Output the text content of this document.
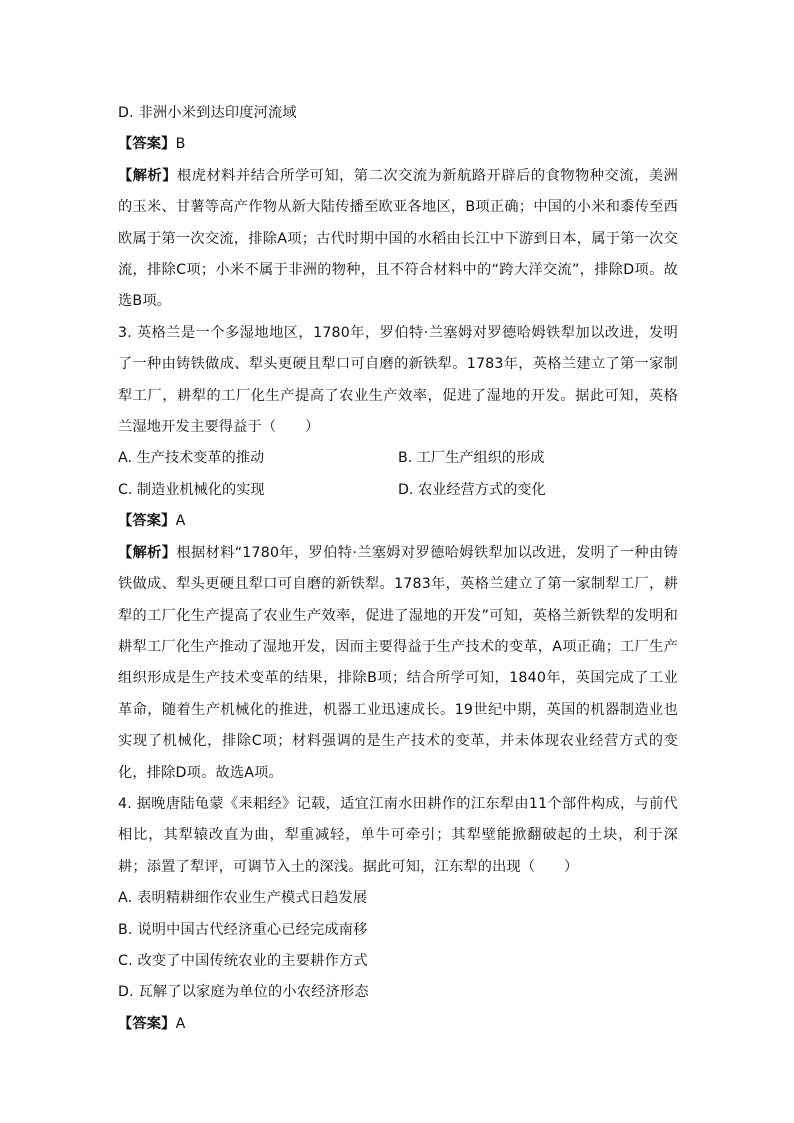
D. 非洲小米到达印度河流域
【答案】B
【解析】根虎材料并结合所学可知，第二次交流为新航路开辟后的食物物种交流，美洲的玉米、甘薯等高产作物从新大陆传播至欧亚各地区，B项正确；中国的小米和黍传至西欧属于第一次交流，排除A项；古代时期中国的水稻由长江中下游到日本，属于第一次交流，排除C项；小米不属于非洲的物种，且不符合材料中的“跨大洋交流”，排除D项。故选B项。
3. 英格兰是一个多湿地地区，1780年，罗伯特·兰塞姆对罗德哈姆铁犁加以改进，发明了一种由铸铁做成、犁头更硬且犁口可自磨的新铁犁。1783年，英格兰建立了第一家制犁工厂，耕犁的工厂化生产提高了农业生产效率，促进了湿地的开发。据此可知，英格兰湿地开发主要得益于（　　）
A. 生产技术变革的推动	B. 工厂生产组织的形成
C. 制造业机械化的实现	D. 农业经营方式的变化
【答案】A
【解析】根据材料“1780年，罗伯特·兰塞姆对罗德哈姆铁犁加以改进，发明了一种由铸铁做成、犁头更硬且犁口可自磨的新铁犁。1783年，英格兰建立了第一家制犁工厂，耕犁的工厂化生产提高了农业生产效率，促进了湿地的开发”可知，英格兰新铁犁的发明和耕犁工厂化生产推动了湿地开发，因而主要得益于生产技术的变革，A项正确；工厂生产组织形成是生产技术变革的结果，排除B项；结合所学可知，1840年，英国完成了工业革命，随着生产机械化的推进，机器工业迅速成长。19世纪中期，英国的机器制造业也实现了机械化，排除C项；材料强调的是生产技术的变革，并未体现农业经营方式的变化，排除D项。故选A项。
4. 据晚唐陆龟蒙《耒耜经》记载，适宜江南水田耕作的江东犁由11个部件构成，与前代相比，其犁辕改直为曲，犁重减轻，单牛可牵引；其犁壁能掀翻破起的土块，利于深耕；添置了犁评，可调节入土的深浅。据此可知，江东犁的出现（　　）
A. 表明精耕细作农业生产模式日趋发展
B. 说明中国古代经济重心已经完成南移
C. 改变了中国传统农业的主要耕作方式
D. 瓦解了以家庭为单位的小农经济形态
【答案】A
